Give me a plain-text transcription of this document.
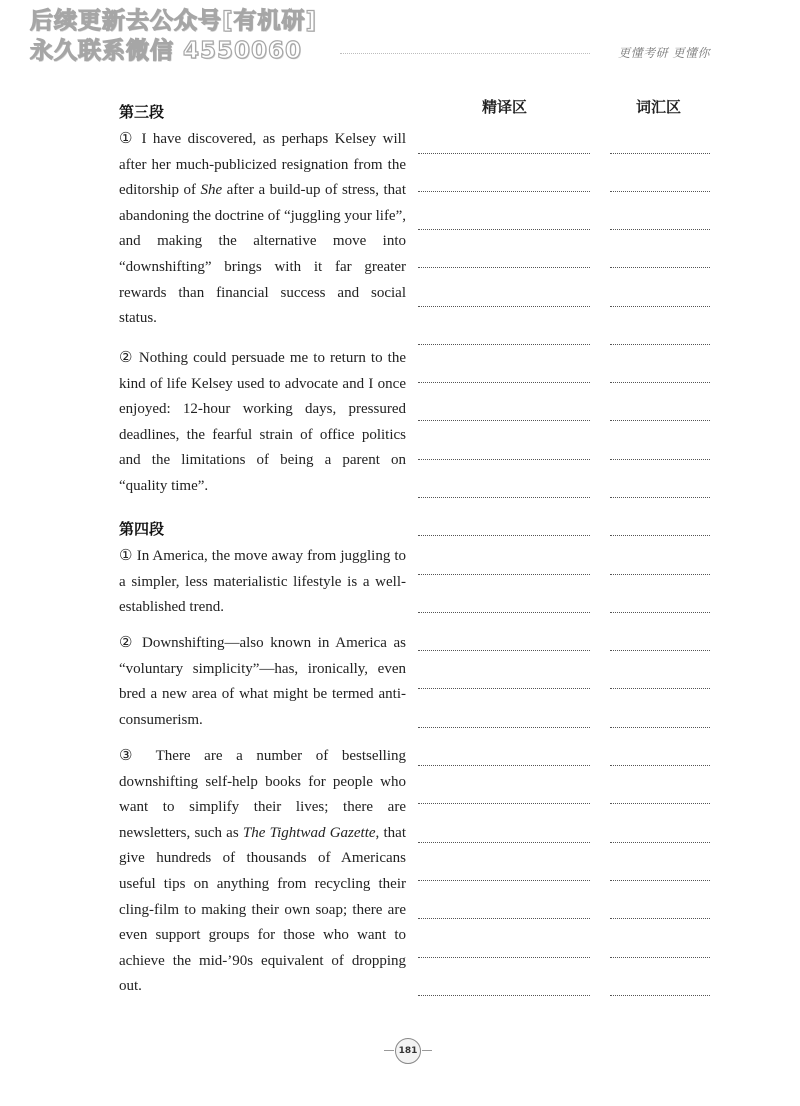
后续更新去公众号[有机研]
永久联系微信 4550060	更懂考研 更懂你
精译区	词汇区
第三段
① I have discovered, as perhaps Kelsey will after her much-publicized resignation from the editorship of She after a build-up of stress, that abandoning the doctrine of “juggling your life”, and making the alternative move into “downshifting” brings with it far greater rewards than financial success and social status.
② Nothing could persuade me to return to the kind of life Kelsey used to advocate and I once enjoyed: 12-hour working days, pressured deadlines, the fearful strain of office politics and the limitations of being a parent on “quality time”.
第四段
① In America, the move away from juggling to a simpler, less materialistic lifestyle is a well-established trend.
② Downshifting—also known in America as “voluntary simplicity”—has, ironically, even bred a new area of what might be termed anti-consumerism.
③ There are a number of bestselling downshifting self-help books for people who want to simplify their lives; there are newsletters, such as The Tightwad Gazette, that give hundreds of thousands of Americans useful tips on anything from recycling their cling-film to making their own soap; there are even support groups for those who want to achieve the mid-’90s equivalent of dropping out.
181
